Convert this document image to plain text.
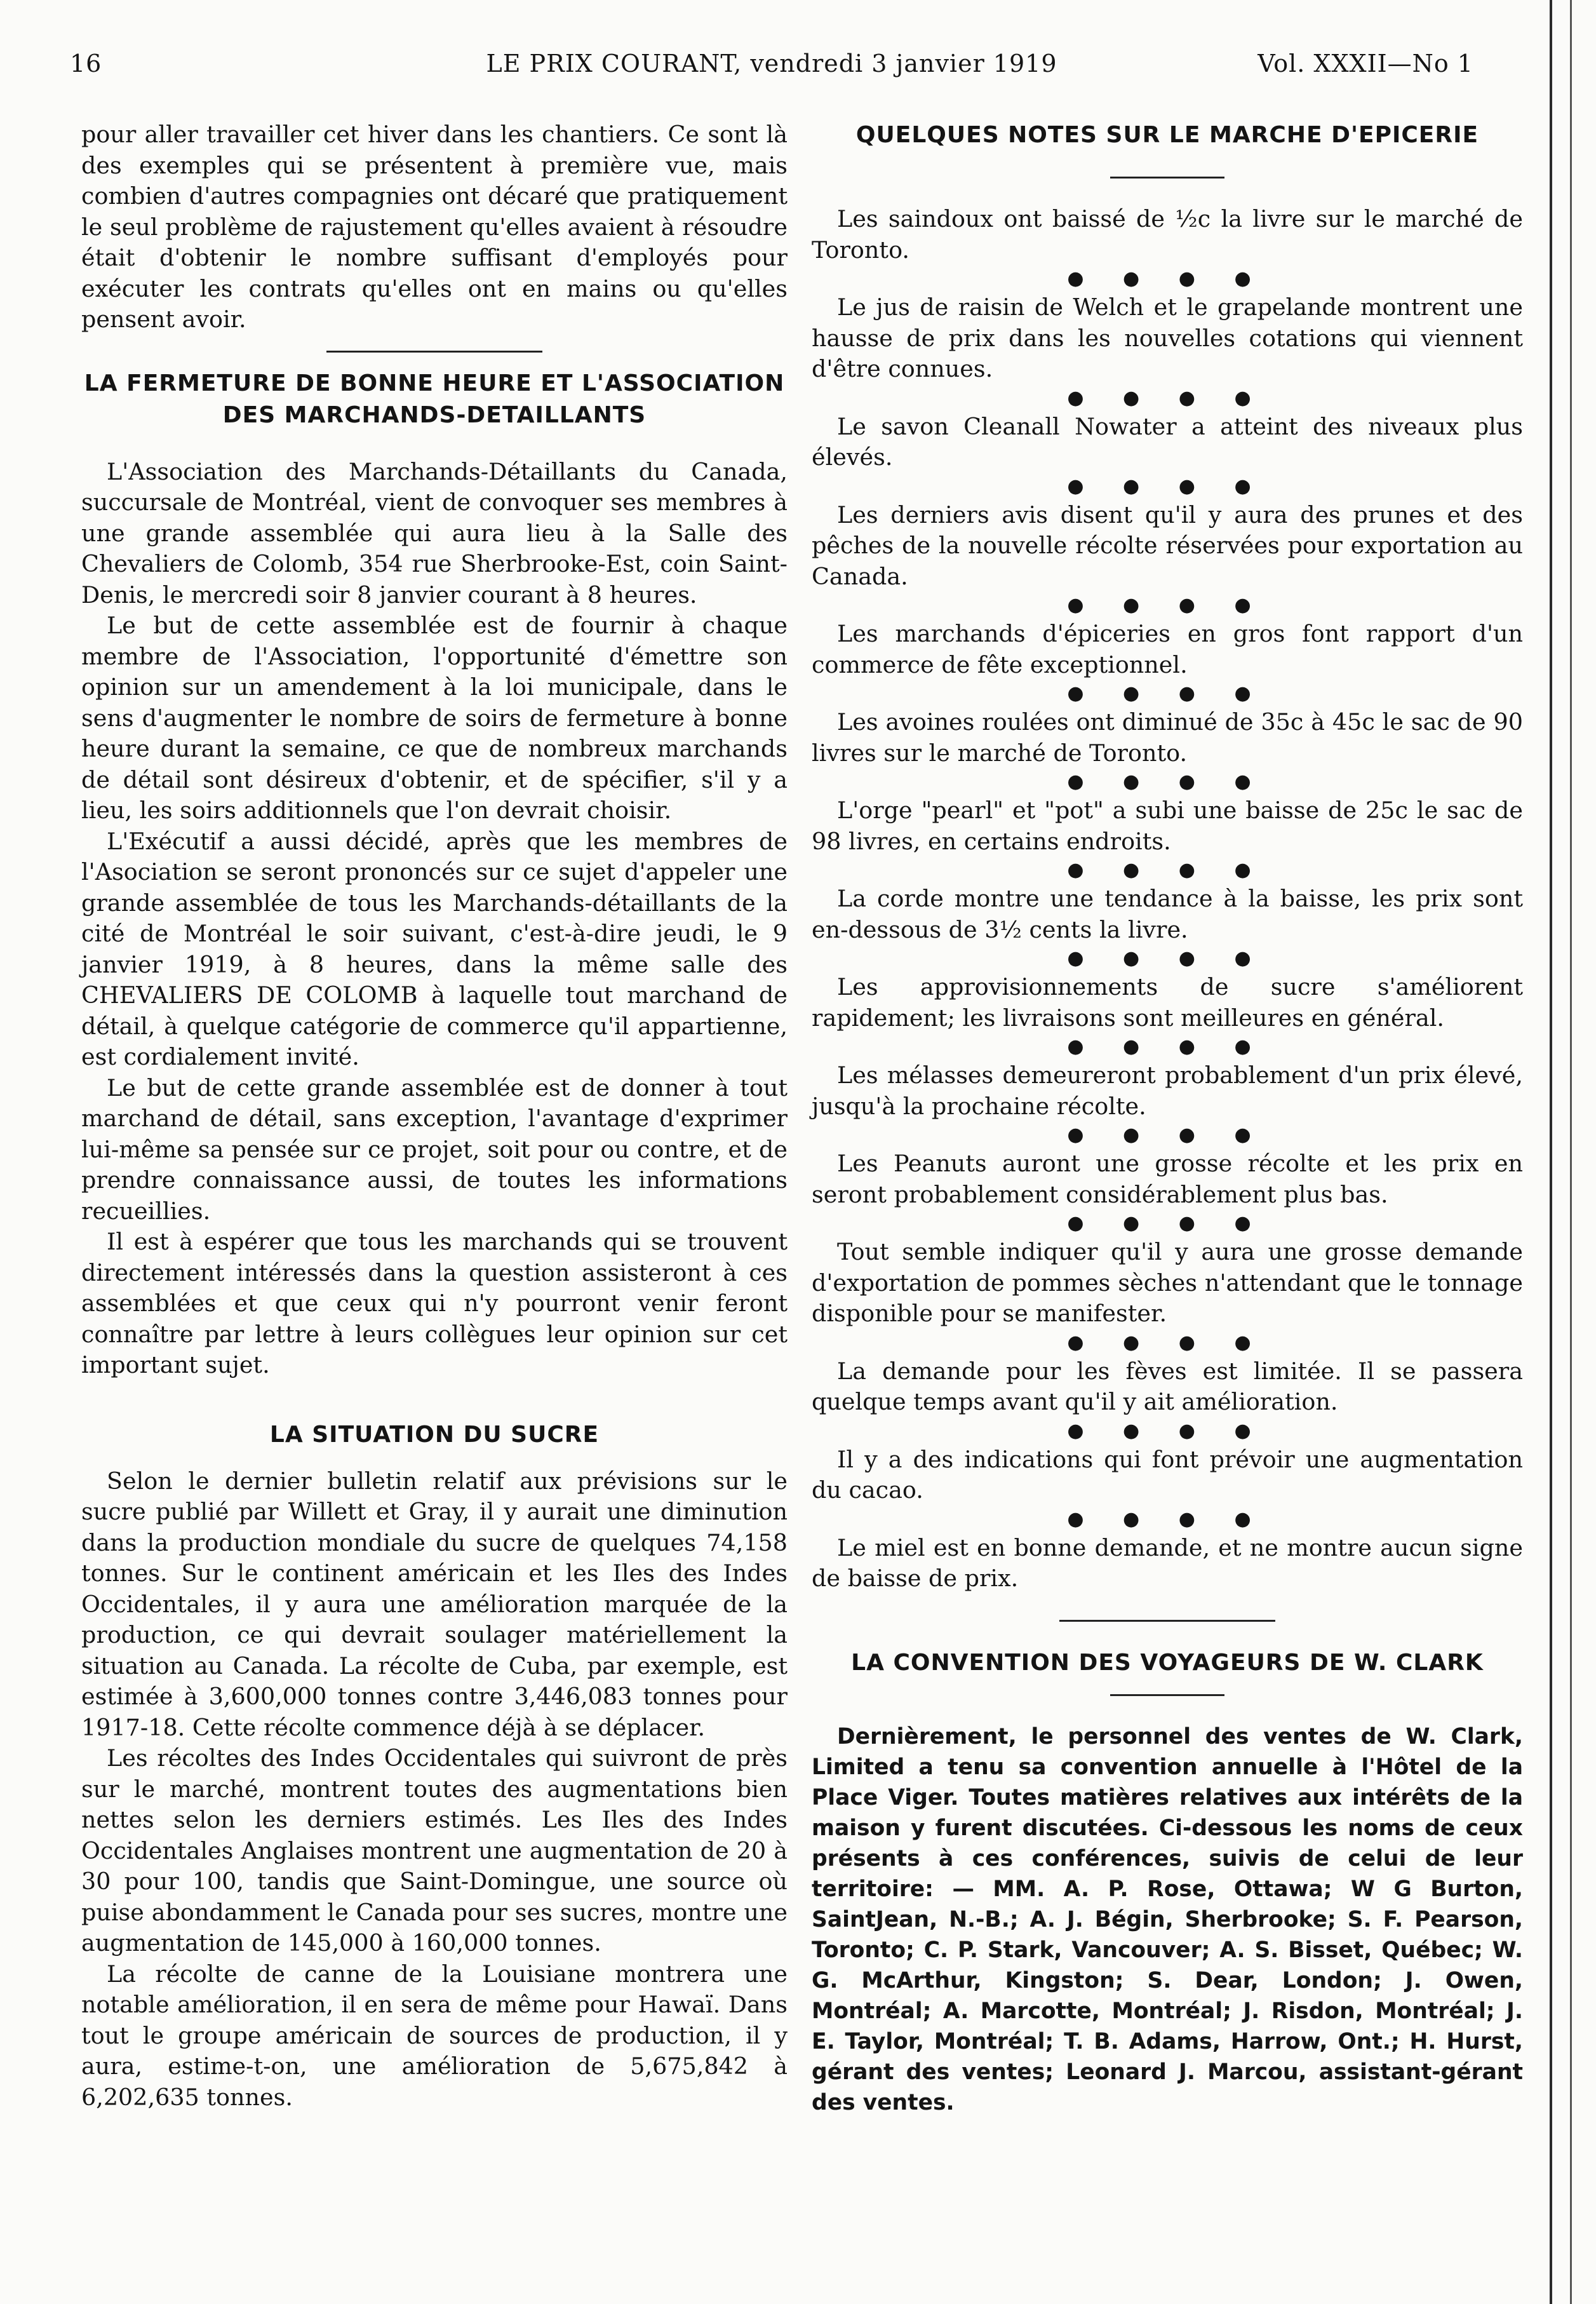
16	LE PRIX COURANT, vendredi 3 janvier 1919	Vol. XXXII—No 1

pour aller travailler cet hiver dans les chantiers. Ce sont là des exemples qui se présentent à première vue, mais combien d'autres compagnies ont décaré que pratiquement le seul problème de rajustement qu'elles avaient à résoudre était d'obtenir le nombre suffisant d'employés pour exécuter les contrats qu'elles ont en mains ou qu'elles pensent avoir.

LA FERMETURE DE BONNE HEURE ET L'ASSOCIATION DES MARCHANDS-DETAILLANTS

L'Association des Marchands-Détaillants du Canada, succursale de Montréal, vient de convoquer ses membres à une grande assemblée qui aura lieu à la Salle des Chevaliers de Colomb, 354 rue Sherbrooke-Est, coin Saint-Denis, le mercredi soir 8 janvier courant à 8 heures.

Le but de cette assemblée est de fournir à chaque membre de l'Association, l'opportunité d'émettre son opinion sur un amendement à la loi municipale, dans le sens d'augmenter le nombre de soirs de fermeture à bonne heure durant la semaine, ce que de nombreux marchands de détail sont désireux d'obtenir, et de spécifier, s'il y a lieu, les soirs additionnels que l'on devrait choisir.

L'Exécutif a aussi décidé, après que les membres de l'Asociation se seront prononcés sur ce sujet d'appeler une grande assemblée de tous les Marchands-détaillants de la cité de Montréal le soir suivant, c'est-à-dire jeudi, le 9 janvier 1919, à 8 heures, dans la même salle des CHEVALIERS DE COLOMB à laquelle tout marchand de détail, à quelque catégorie de commerce qu'il appartienne, est cordialement invité.

Le but de cette grande assemblée est de donner à tout marchand de détail, sans exception, l'avantage d'exprimer lui-même sa pensée sur ce projet, soit pour ou contre, et de prendre connaissance aussi, de toutes les informations recueillies.

Il est à espérer que tous les marchands qui se trouvent directement intéressés dans la question assisteront à ces assemblées et que ceux qui n'y pourront venir feront connaître par lettre à leurs collègues leur opinion sur cet important sujet.

LA SITUATION DU SUCRE

Selon le dernier bulletin relatif aux prévisions sur le sucre publié par Willett et Gray, il y aurait une diminution dans la production mondiale du sucre de quelques 74,158 tonnes. Sur le continent américain et les Iles des Indes Occidentales, il y aura une amélioration marquée de la production, ce qui devrait soulager matériellement la situation au Canada. La récolte de Cuba, par exemple, est estimée à 3,600,000 tonnes contre 3,446,083 tonnes pour 1917-18. Cette récolte commence déjà à se déplacer.

Les récoltes des Indes Occidentales qui suivront de près sur le marché, montrent toutes des augmentations bien nettes selon les derniers estimés. Les Iles des Indes Occidentales Anglaises montrent une augmentation de 20 à 30 pour 100, tandis que Saint-Domingue, une source où puise abondamment le Canada pour ses sucres, montre une augmentation de 145,000 à 160,000 tonnes.

La récolte de canne de la Louisiane montrera une notable amélioration, il en sera de même pour Hawaï. Dans tout le groupe américain de sources de production, il y aura, estime-t-on, une amélioration de 5,675,842 à 6,202,635 tonnes.

QUELQUES NOTES SUR LE MARCHE D'EPICERIE

Les saindoux ont baissé de ½c la livre sur le marché de Toronto.

● ● ● ●

Le jus de raisin de Welch et le grapelande montrent une hausse de prix dans les nouvelles cotations qui viennent d'être connues.

● ● ● ●

Le savon Cleanall Nowater a atteint des niveaux plus élevés.

● ● ● ●

Les derniers avis disent qu'il y aura des prunes et des pêches de la nouvelle récolte réservées pour exportation au Canada.

● ● ● ●

Les marchands d'épiceries en gros font rapport d'un commerce de fête exceptionnel.

● ● ● ●

Les avoines roulées ont diminué de 35c à 45c le sac de 90 livres sur le marché de Toronto.

● ● ● ●

L'orge "pearl" et "pot" a subi une baisse de 25c le sac de 98 livres, en certains endroits.

● ● ● ●

La corde montre une tendance à la baisse, les prix sont en-dessous de 3½ cents la livre.

● ● ● ●

Les approvisionnements de sucre s'améliorent rapidement; les livraisons sont meilleures en général.

● ● ● ●

Les mélasses demeureront probablement d'un prix élevé, jusqu'à la prochaine récolte.

● ● ● ●

Les Peanuts auront une grosse récolte et les prix en seront probablement considérablement plus bas.

● ● ● ●

Tout semble indiquer qu'il y aura une grosse demande d'exportation de pommes sèches n'attendant que le tonnage disponible pour se manifester.

● ● ● ●

La demande pour les fèves est limitée. Il se passera quelque temps avant qu'il y ait amélioration.

● ● ● ●

Il y a des indications qui font prévoir une augmentation du cacao.

● ● ● ●

Le miel est en bonne demande, et ne montre aucun signe de baisse de prix.

LA CONVENTION DES VOYAGEURS DE W. CLARK

Dernièrement, le personnel des ventes de W. Clark, Limited a tenu sa convention annuelle à l'Hôtel de la Place Viger. Toutes matières relatives aux intérêts de la maison y furent discutées. Ci-dessous les noms de ceux présents à ces conférences, suivis de celui de leur territoire: — MM. A. P. Rose, Ottawa; W G Burton, SaintJean, N.-B.; A. J. Bégin, Sherbrooke; S. F. Pearson, Toronto; C. P. Stark, Vancouver; A. S. Bisset, Québec; W. G. McArthur, Kingston; S. Dear, London; J. Owen, Montréal; A. Marcotte, Montréal; J. Risdon, Montréal; J. E. Taylor, Montréal; T. B. Adams, Harrow, Ont.; H. Hurst, gérant des ventes; Leonard J. Marcou, assistant-gérant des ventes.
